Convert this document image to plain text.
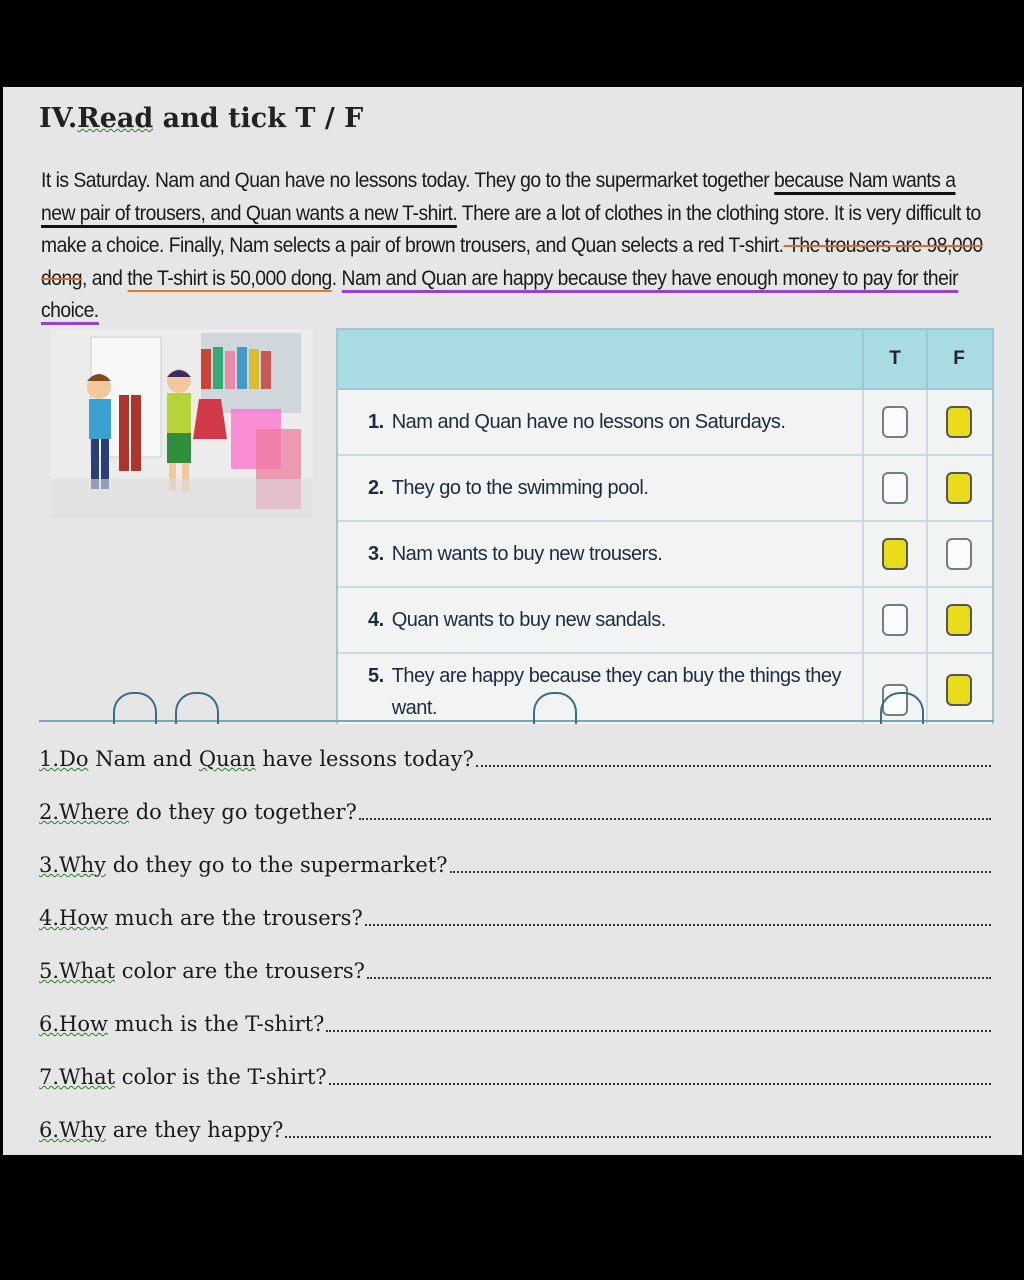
IV.Read and tick T / F
It is Saturday. Nam and Quan have no lessons today. They go to the supermarket together because Nam wants a new pair of trousers, and Quan wants a new T-shirt. There are a lot of clothes in the clothing store. It is very difficult to make a choice. Finally, Nam selects a pair of brown trousers, and Quan selects a red T-shirt. The trousers are 98,000 dong, and the T-shirt is 50,000 dong. Nam and Quan are happy because they have enough money to pay for their choice.
T	F
1. Nam and Quan have no lessons on Saturdays.
2. They go to the swimming pool.
3. Nam wants to buy new trousers.
4. Quan wants to buy new sandals.
5. They are happy because they can buy the things they want.
1.Do Nam and Quan have lessons today?
2.Where do they go together?
3.Why do they go to the supermarket?
4.How much are the trousers?
5.What color are the trousers?
6.How much is the T-shirt?
7.What color is the T-shirt?
6.Why are they happy?
